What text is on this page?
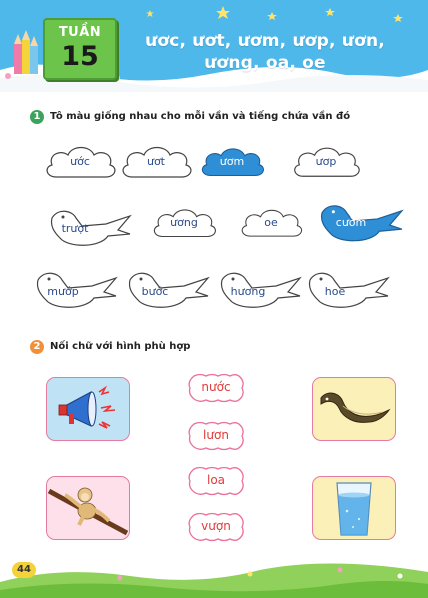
TUẦN
15	ươc, ươt, ươm, ươp, ươn,
ương, oa, oe
1 Tô màu giống nhau cho mỗi vần và tiếng chứa vần đó
ước	ươt	ươm	ươp
trượt	ương	oe	cườm
mướp	bước	hương	hoe
2 Nối chữ với hình phù hợp
nước
lươn
loa
vượn
44
